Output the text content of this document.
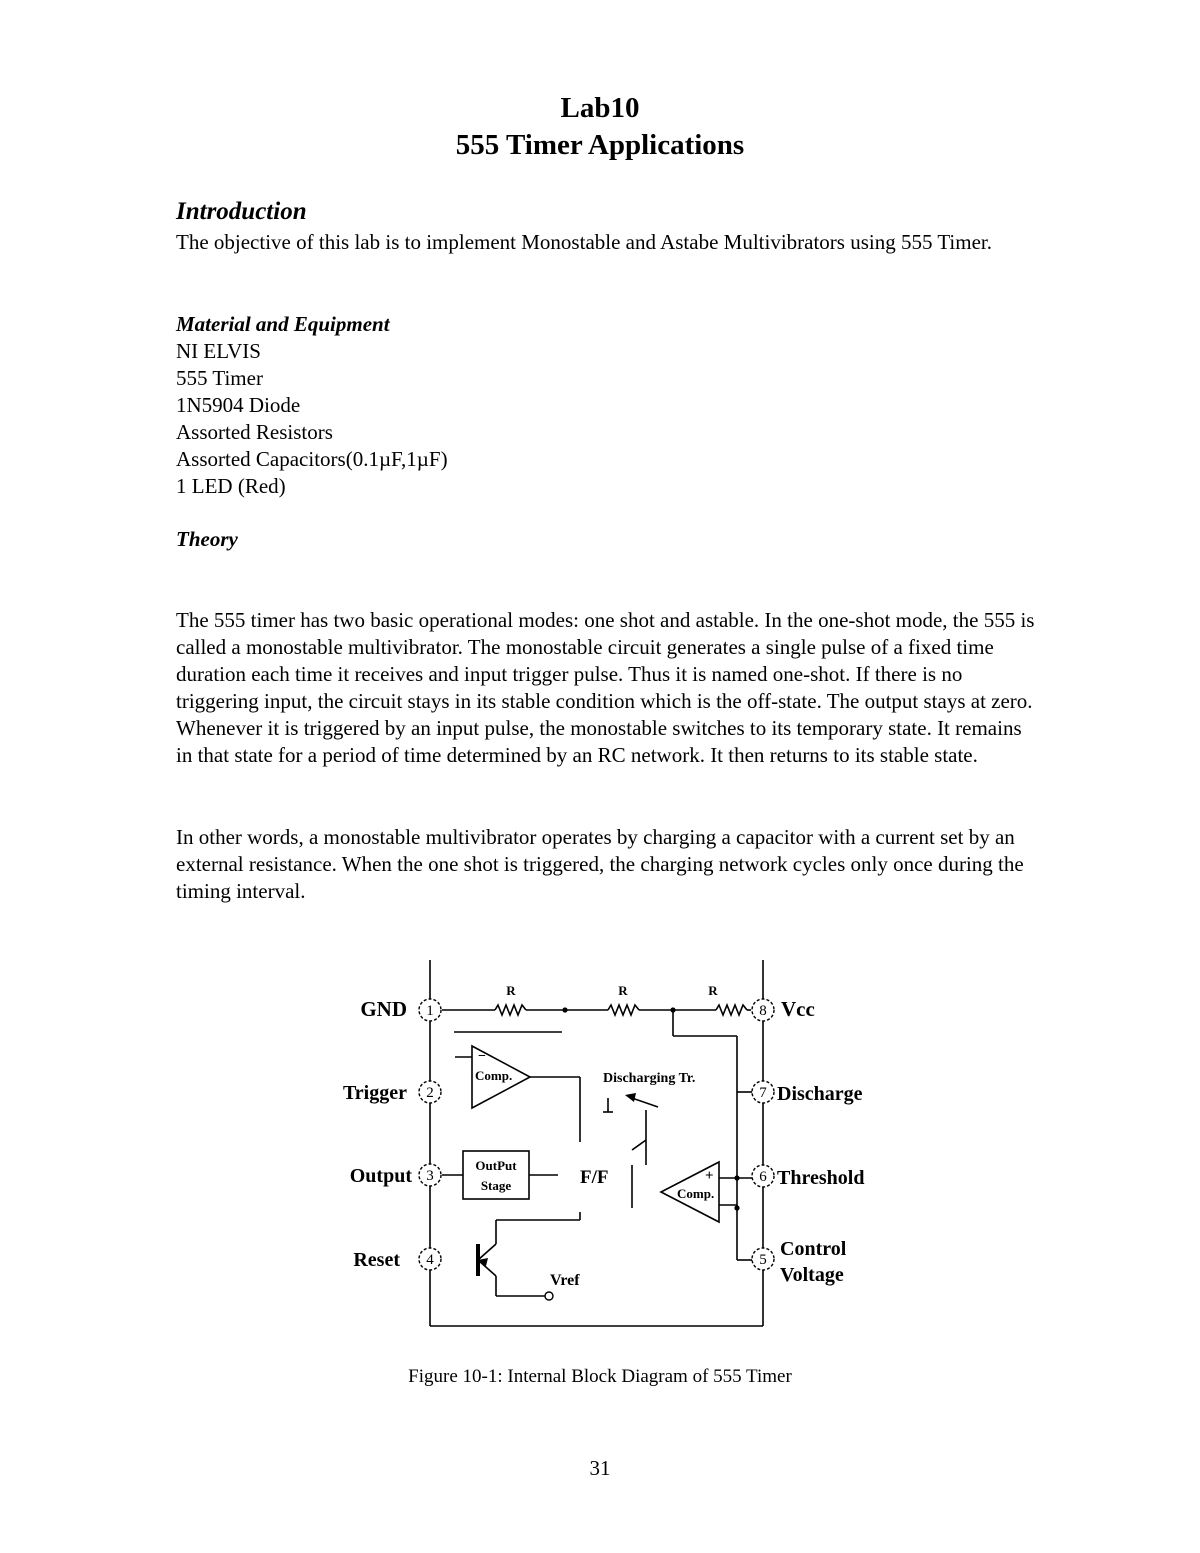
Lab10
555 Timer Applications
Introduction

The objective of this lab is to implement Monostable and Astabe Multivibrators using 555 Timer.

Material and Equipment
NI ELVIS
555 Timer
1N5904 Diode
Assorted Resistors
Assorted Capacitors(0.1µF,1µF)
1 LED (Red)
Theory

The 555 timer has two basic operational modes: one shot and astable. In the one-shot mode, the 555 is called a monostable multivibrator. The monostable circuit generates a single pulse of a fixed time duration each time it receives and input trigger pulse. Thus it is named one-shot. If there is no triggering input, the circuit stays in its stable condition which is the off-state. The output stays at zero. Whenever it is triggered by an input pulse, the monostable switches to its temporary state. It remains in that state for a period of time determined by an RC network. It then returns to its stable state.

In other words, a monostable multivibrator operates by charging a capacitor with a current set by an external resistance. When the one shot is triggered, the charging network cycles only once during the timing interval.

1
2
3
4
8
7
6
5
GND
Trigger
Output
Reset
Vcc
Discharge
Threshold
Control
Voltage
R	R	R
Comp.
−
Discharging Tr.
OutPut
Stage	F/F
Comp.
+
Vref
Figure 10-1: Internal Block Diagram of 555 Timer
31
